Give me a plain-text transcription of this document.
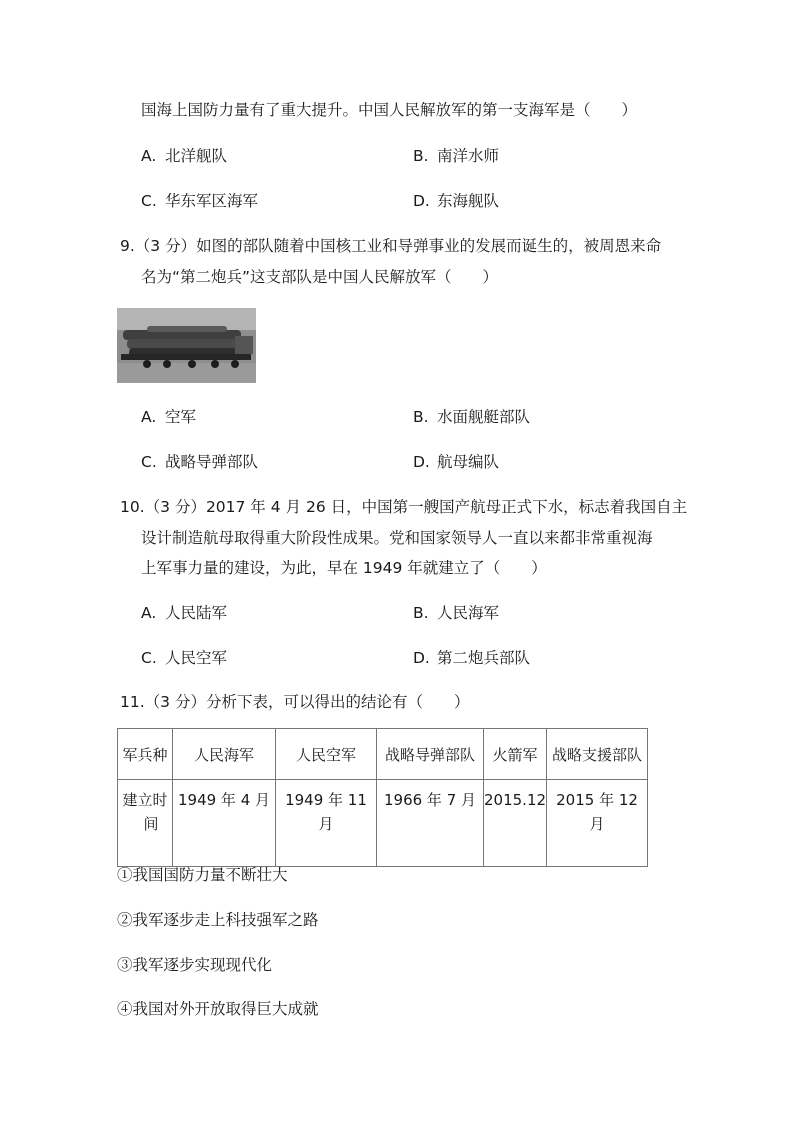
国海上国防力量有了重大提升。中国人民解放军的第一支海军是（　　）
A. 北洋舰队	B. 南洋水师
C. 华东军区海军	D. 东海舰队
9.（3 分）如图的部队随着中国核工业和导弹事业的发展而诞生的，被周恩来命
名为“第二炮兵”这支部队是中国人民解放军（　　）
A. 空军	B. 水面舰艇部队
C. 战略导弹部队	D. 航母编队
10.（3 分）2017 年 4 月 26 日，中国第一艘国产航母正式下水，标志着我国自主
设计制造航母取得重大阶段性成果。党和国家领导人一直以来都非常重视海
上军事力量的建设，为此，早在 1949 年就建立了（　　）
A. 人民陆军	B. 人民海军
C. 人民空军	D. 第二炮兵部队
11.（3 分）分析下表，可以得出的结论有（　　）
军兵种	人民海军	人民空军	战略导弹部队	火箭军	战略支援部队

建立时
间	1949 年 4 月	1949 年 11 月	1966 年 7 月	2015.12	2015 年 12 月
①我国国防力量不断壮大
②我军逐步走上科技强军之路
③我军逐步实现现代化
④我国对外开放取得巨大成就
